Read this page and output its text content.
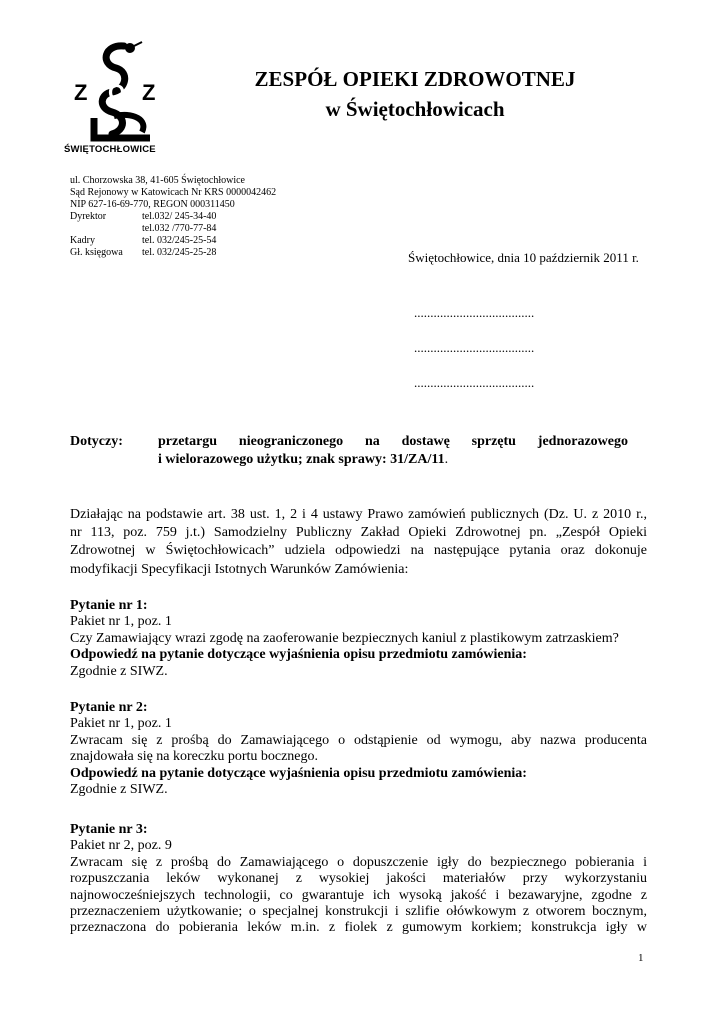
Z O Z
ŚWIĘTOCHŁOWICE
ZESPÓŁ OPIEKI ZDROWOTNEJ
w Świętochłowicach
ul. Chorzowska 38, 41-605 Świętochłowice
Sąd Rejonowy w Katowicach Nr KRS 0000042462
NIP 627-16-69-770, REGON 000311450
Dyrektor	tel.032/ 245-34-40
tel.032 /770-77-84
Kadry	tel. 032/245-25-54
Gł. księgowa	tel. 032/245-25-28	Świętochłowice, dnia 10 październik 2011 r.
.....................................
.....................................
.....................................
Dotyczy:	przetargu nieograniczonego na dostawę sprzętu jednorazowego
i wielorazowego użytku; znak sprawy: 31/ZA/11.
Działając na podstawie art. 38 ust. 1, 2 i 4 ustawy Prawo zamówień publicznych (Dz. U. z 2010 r.,
nr 113, poz. 759 j.t.) Samodzielny Publiczny Zakład Opieki Zdrowotnej pn. „Zespół Opieki
Zdrowotnej w Świętochłowicach” udziela odpowiedzi na następujące pytania oraz dokonuje
modyfikacji Specyfikacji Istotnych Warunków Zamówienia:
Pytanie nr 1:
Pakiet nr 1, poz. 1
Czy Zamawiający wrazi zgodę na zaoferowanie bezpiecznych kaniul z plastikowym zatrzaskiem?
Odpowiedź na pytanie dotyczące wyjaśnienia opisu przedmiotu zamówienia:
Zgodnie z SIWZ.
Pytanie nr 2:
Pakiet nr 1, poz. 1
Zwracam się z prośbą do Zamawiającego o odstąpienie od wymogu, aby nazwa producenta
znajdowała się na koreczku portu bocznego.
Odpowiedź na pytanie dotyczące wyjaśnienia opisu przedmiotu zamówienia:
Zgodnie z SIWZ.
Pytanie nr 3:
Pakiet nr 2, poz. 9
Zwracam się z prośbą do Zamawiającego o dopuszczenie igły do bezpiecznego pobierania i
rozpuszczania leków wykonanej z wysokiej jakości materiałów przy wykorzystaniu
najnowocześniejszych technologii, co gwarantuje ich wysoką jakość i bezawaryjne, zgodne z
przeznaczeniem użytkowanie; o specjalnej konstrukcji i szlifie ołówkowym z otworem bocznym,
przeznaczona do pobierania leków m.in. z fiolek z gumowym korkiem; konstrukcja igły w
1
